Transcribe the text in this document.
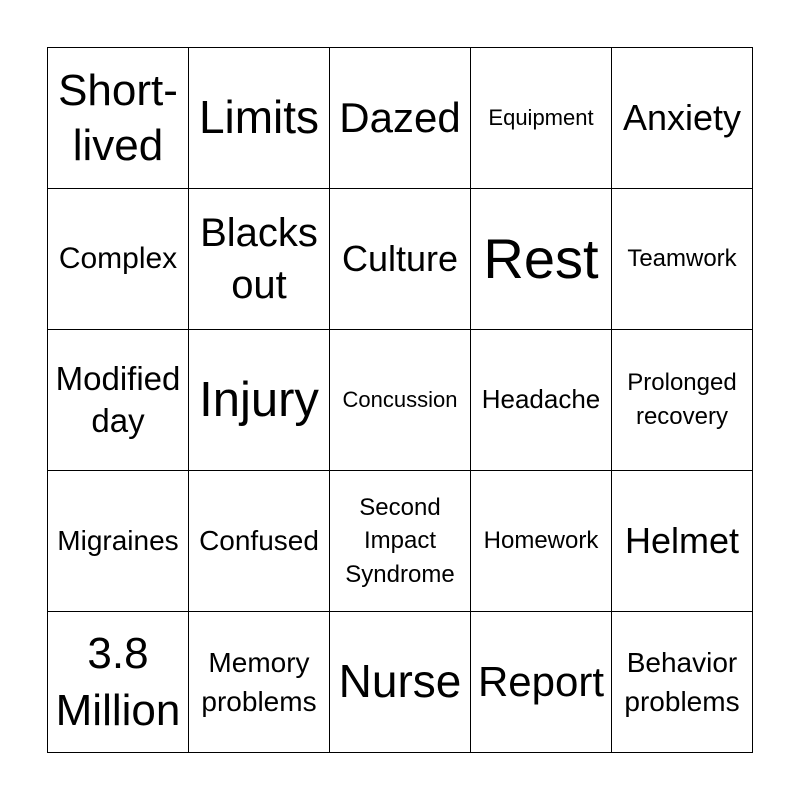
Short-
lived
Limits Dazed Equipment Anxiety
Complex
Blacks
out
Culture Rest Teamwork
Modified
day	Injury Concussion Headache
Prolonged
recovery
Migraines Confused
Second
Impact
Syndrome
Homework Helmet
3.8
Million
Memory
problems Nurse Report Behavior
problems
